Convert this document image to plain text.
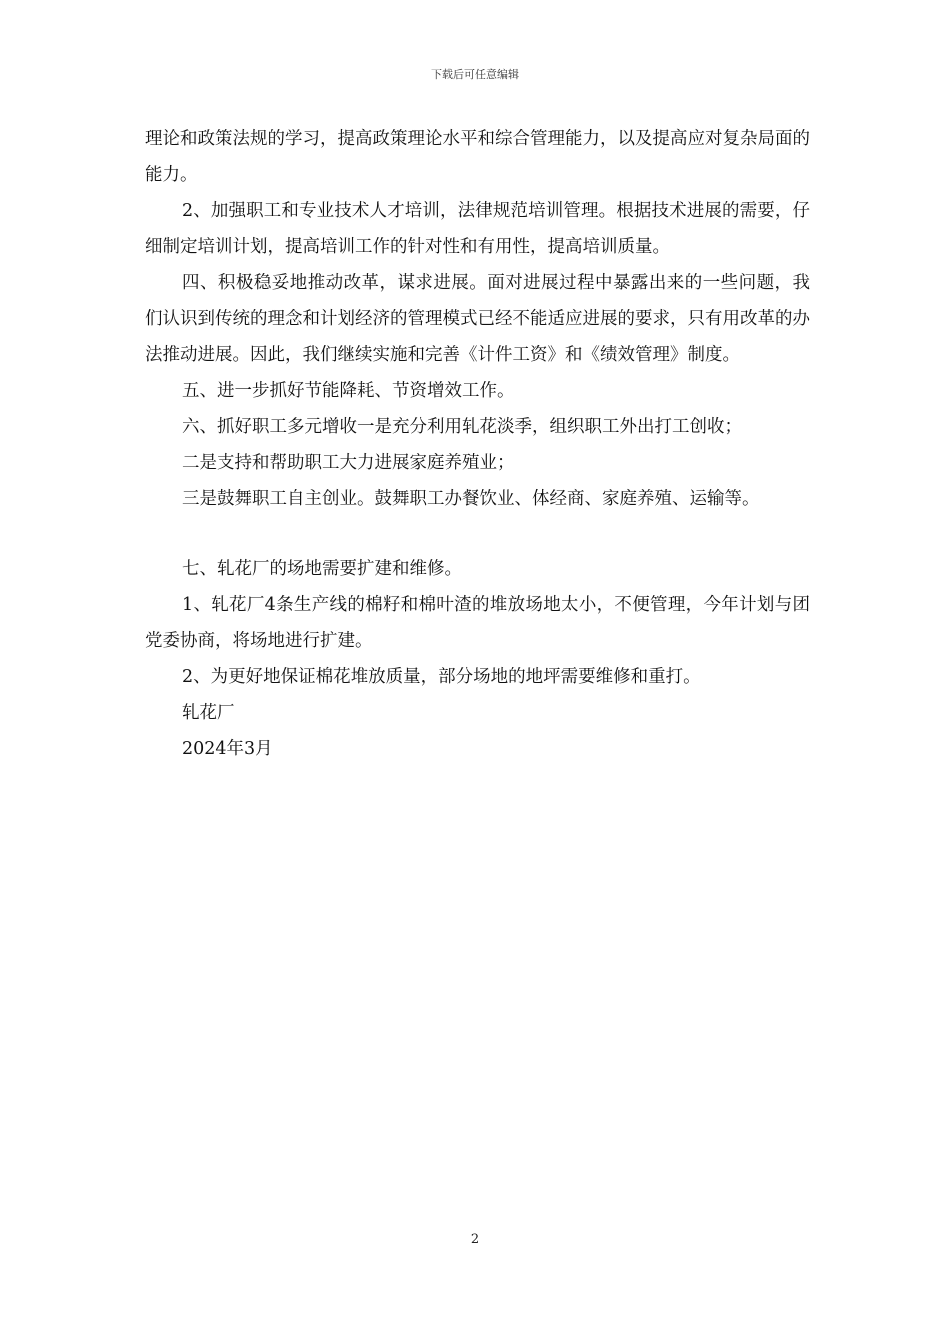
下载后可任意编辑

理论和政策法规的学习，提高政策理论水平和综合管理能力，以及提高应对复杂局面的能力。

2、加强职工和专业技术人才培训，法律规范培训管理。根据技术进展的需要，仔细制定培训计划，提高培训工作的针对性和有用性，提高培训质量。

四、积极稳妥地推动改革，谋求进展。面对进展过程中暴露出来的一些问题，我们认识到传统的理念和计划经济的管理模式已经不能适应进展的要求，只有用改革的办法推动进展。因此，我们继续实施和完善《计件工资》和《绩效管理》制度。

五、进一步抓好节能降耗、节资增效工作。

六、抓好职工多元增收一是充分利用轧花淡季，组织职工外出打工创收；

二是支持和帮助职工大力进展家庭养殖业；

三是鼓舞职工自主创业。鼓舞职工办餐饮业、体经商、家庭养殖、运输等。

七、轧花厂的场地需要扩建和维修。

1、轧花厂4条生产线的棉籽和棉叶渣的堆放场地太小，不便管理，今年计划与团党委协商，将场地进行扩建。

2、为更好地保证棉花堆放质量，部分场地的地坪需要维修和重打。

轧花厂

2024年3月

2
